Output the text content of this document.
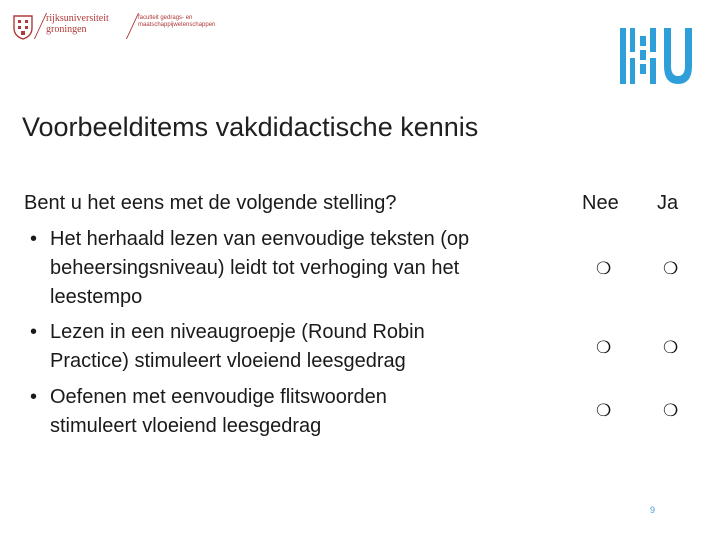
rijksuniversiteit
groningen
faculteit gedrags- en
maatschappijwetenschappen
Voorbeelditems vakdidactische kennis
Bent u het eens met de volgende stelling?	Nee Ja
• Het herhaald lezen van eenvoudige teksten (op
beheersingsniveau) leidt tot verhoging van het
leestempo
❍	❍
• Lezen in een niveaugroepje (Round Robin
Practice) stimuleert vloeiend leesgedrag
❍	❍
• Oefenen met eenvoudige flitswoorden
stimuleert vloeiend leesgedrag
❍	❍
9
